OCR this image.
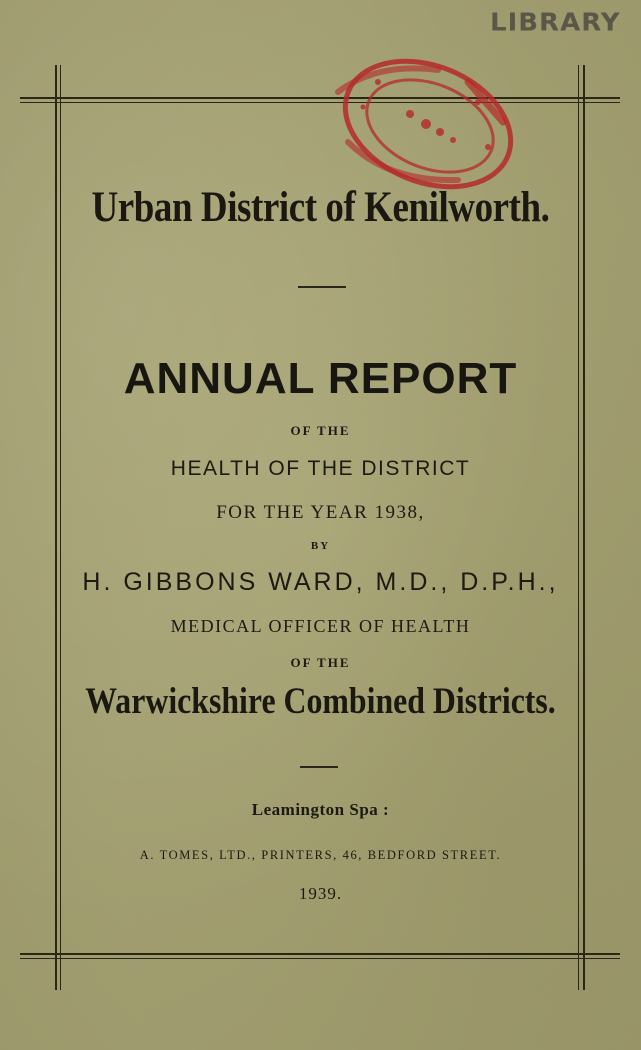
LIBRARY
Urban District of Kenilworth.
ANNUAL REPORT
OF THE
HEALTH OF THE DISTRICT
FOR THE YEAR 1938,
BY
H. GIBBONS WARD, M.D., D.P.H.,
MEDICAL OFFICER OF HEALTH
OF THE
Warwickshire Combined Districts.
Leamington Spa :
A. TOMES, LTD., PRINTERS, 46, BEDFORD STREET.
1939.
